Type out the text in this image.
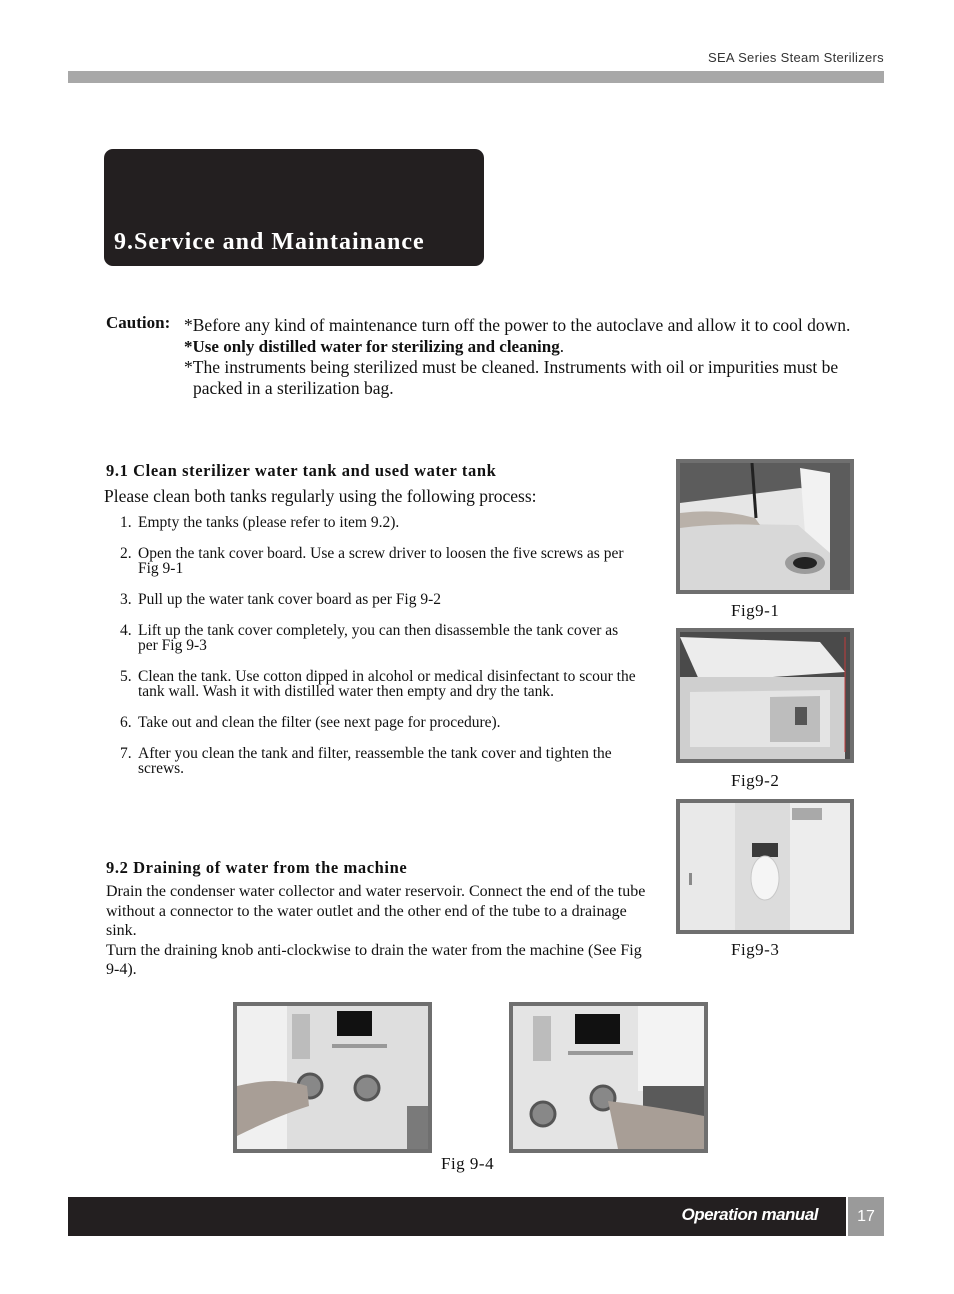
SEA Series Steam Sterilizers
9.Service and Maintainance
Caution: *Before any kind of maintenance turn off the power to the autoclave and allow it to cool down.

*Use only distilled water for sterilizing and cleaning.

*The instruments being sterilized must be cleaned. Instruments with oil or impurities must be packed in a sterilization bag.

9.1 Clean sterilizer water tank and used water tank
Please clean both tanks regularly using the following process:
1. Empty the tanks (please refer to item 9.2).
2. Open the tank cover board. Use a screw driver to loosen the five screws as per Fig 9-1
3. Pull up the water tank cover board as per Fig 9-2
4. Lift up the tank cover completely, you can then disassemble the tank cover as per Fig 9-3
5. Clean the tank. Use cotton dipped in alcohol or medical disinfectant to scour the tank wall. Wash it with distilled water then empty and dry the tank.
6. Take out and clean the filter (see next page for procedure).
7. After you clean the tank and filter, reassemble the tank cover and tighten the screws.
9.2 Draining of water from the machine

Drain the condenser water collector and water reservoir. Connect the end of the tube without a connector to the water outlet and the other end of the tube to a drainage sink.

Turn the draining knob anti-clockwise to drain the water from the machine (See Fig 9-4).

Fig9-1
Fig9-2
Fig9-3
Fig 9-4
Operation manual	17
